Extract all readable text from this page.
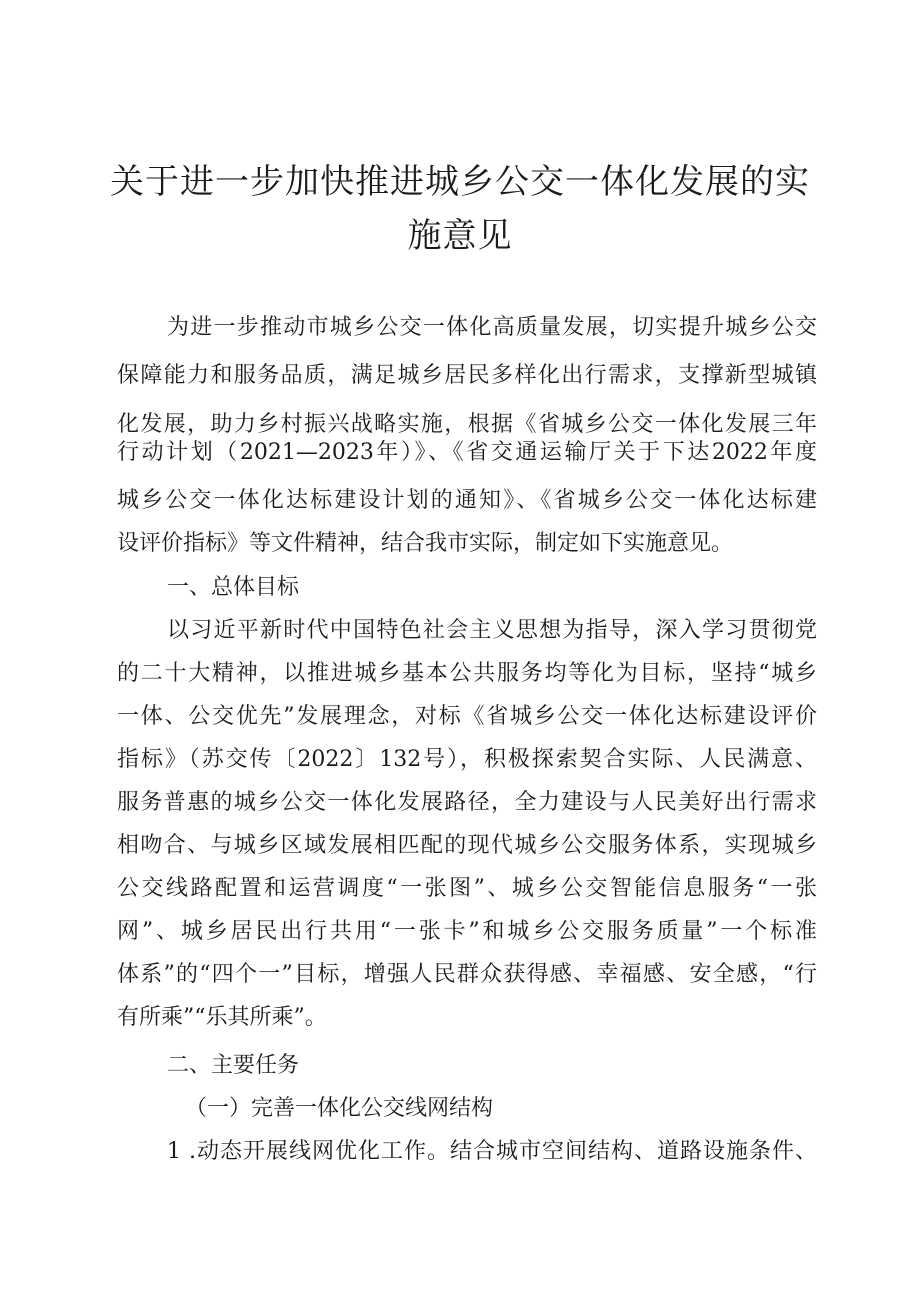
关于进一步加快推进城乡公交一体化发展的实
施意见
为进一步推动市城乡公交一体化高质量发展，切实提升城乡公交
保障能力和服务品质，满足城乡居民多样化出行需求，支撑新型城镇
化发展，助力乡村振兴战略实施，根据《省城乡公交一体化发展三年
行动计划（2021—2023年）》、《省交通运输厅关于下达2022年度
城乡公交一体化达标建设计划的通知》、《省城乡公交一体化达标建
设评价指标》等文件精神，结合我市实际，制定如下实施意见。
一、总体目标
以习近平新时代中国特色社会主义思想为指导，深入学习贯彻党
的二十大精神，以推进城乡基本公共服务均等化为目标，坚持“城乡
一体、公交优先”发展理念，对标《省城乡公交一体化达标建设评价
指标》（苏交传〔2022〕132号），积极探索契合实际、人民满意、
服务普惠的城乡公交一体化发展路径，全力建设与人民美好出行需求
相吻合、与城乡区域发展相匹配的现代城乡公交服务体系，实现城乡
公交线路配置和运营调度“一张图”、城乡公交智能信息服务“一张
网”、城乡居民出行共用“一张卡”和城乡公交服务质量”一个标准
体系”的“四个一”目标，增强人民群众获得感、幸福感、安全感，“行
有所乘”“乐其所乘”。
二、主要任务
（一）完善一体化公交线网结构
1 .动态开展线网优化工作。结合城市空间结构、道路设施条件、
